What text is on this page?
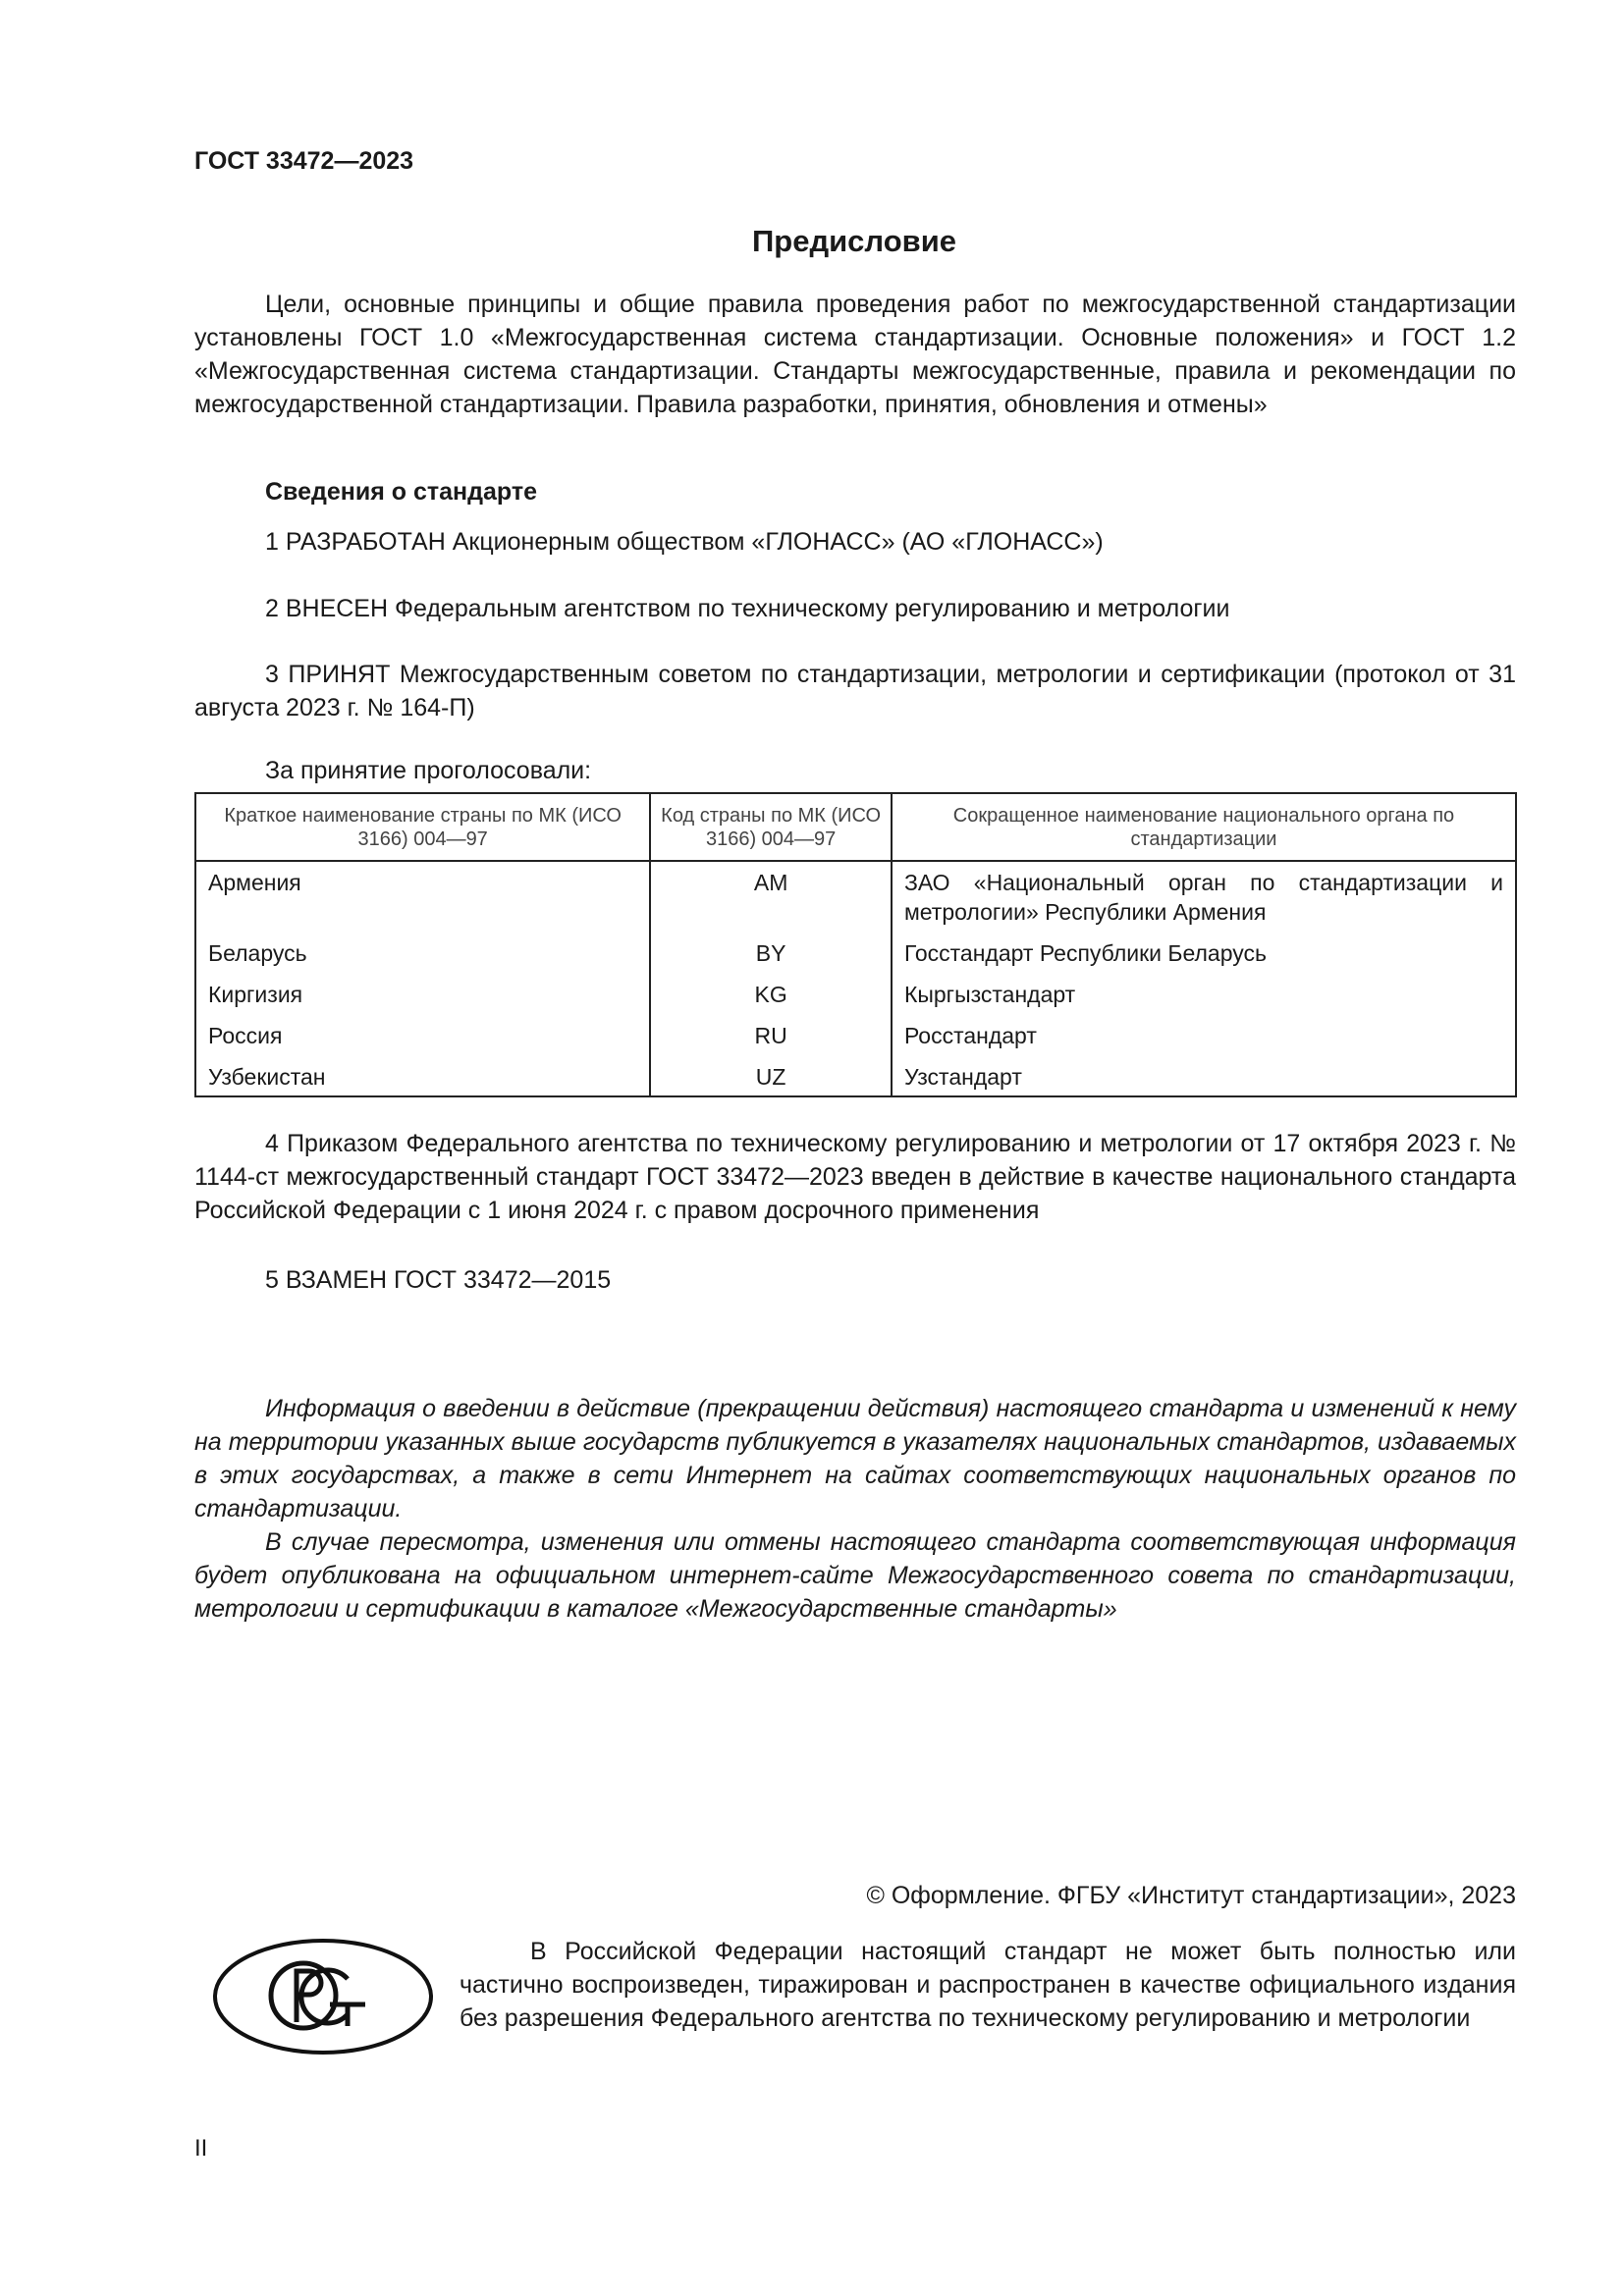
ГОСТ 33472—2023
Предисловие
Цели, основные принципы и общие правила проведения работ по межгосударственной стандартизации установлены ГОСТ 1.0 «Межгосударственная система стандартизации. Основные положения» и ГОСТ 1.2 «Межгосударственная система стандартизации. Стандарты межгосударственные, правила и рекомендации по межгосударственной стандартизации. Правила разработки, принятия, обновления и отмены»
Сведения о стандарте
1 РАЗРАБОТАН Акционерным обществом «ГЛОНАСС» (АО «ГЛОНАСС»)
2 ВНЕСЕН Федеральным агентством по техническому регулированию и метрологии
3 ПРИНЯТ Межгосударственным советом по стандартизации, метрологии и сертификации (протокол от 31 августа 2023 г. № 164-П)
За принятие проголосовали:
Краткое наименование страны по МК (ИСО 3166) 004—97	Код страны по МК (ИСО 3166) 004—97	Сокращенное наименование национального органа по стандартизации
Армения	AM	ЗАО «Национальный орган по стандартизации и метрологии» Республики Армения
Беларусь	BY	Госстандарт Республики Беларусь
Киргизия	KG	Кыргызстандарт
Россия	RU	Росстандарт
Узбекистан	UZ	Узстандарт
4 Приказом Федерального агентства по техническому регулированию и метрологии от 17 октября 2023 г. № 1144-ст межгосударственный стандарт ГОСТ 33472—2023 введен в действие в качестве национального стандарта Российской Федерации с 1 июня 2024 г. с правом досрочного применения
5 ВЗАМЕН ГОСТ 33472—2015
Информация о введении в действие (прекращении действия) настоящего стандарта и изменений к нему на территории указанных выше государств публикуется в указателях национальных стандартов, издаваемых в этих государствах, а также в сети Интернет на сайтах соответствующих национальных органов по стандартизации.
В случае пересмотра, изменения или отмены настоящего стандарта соответствующая информация будет опубликована на официальном интернет-сайте Межгосударственного совета по стандартизации, метрологии и сертификации в каталоге «Межгосударственные стандарты»
© Оформление. ФГБУ «Институт стандартизации», 2023
В Российской Федерации настоящий стандарт не может быть полностью или частично воспроизведен, тиражирован и распространен в качестве официального издания без разрешения Федерального агентства по техническому регулированию и метрологии
II
